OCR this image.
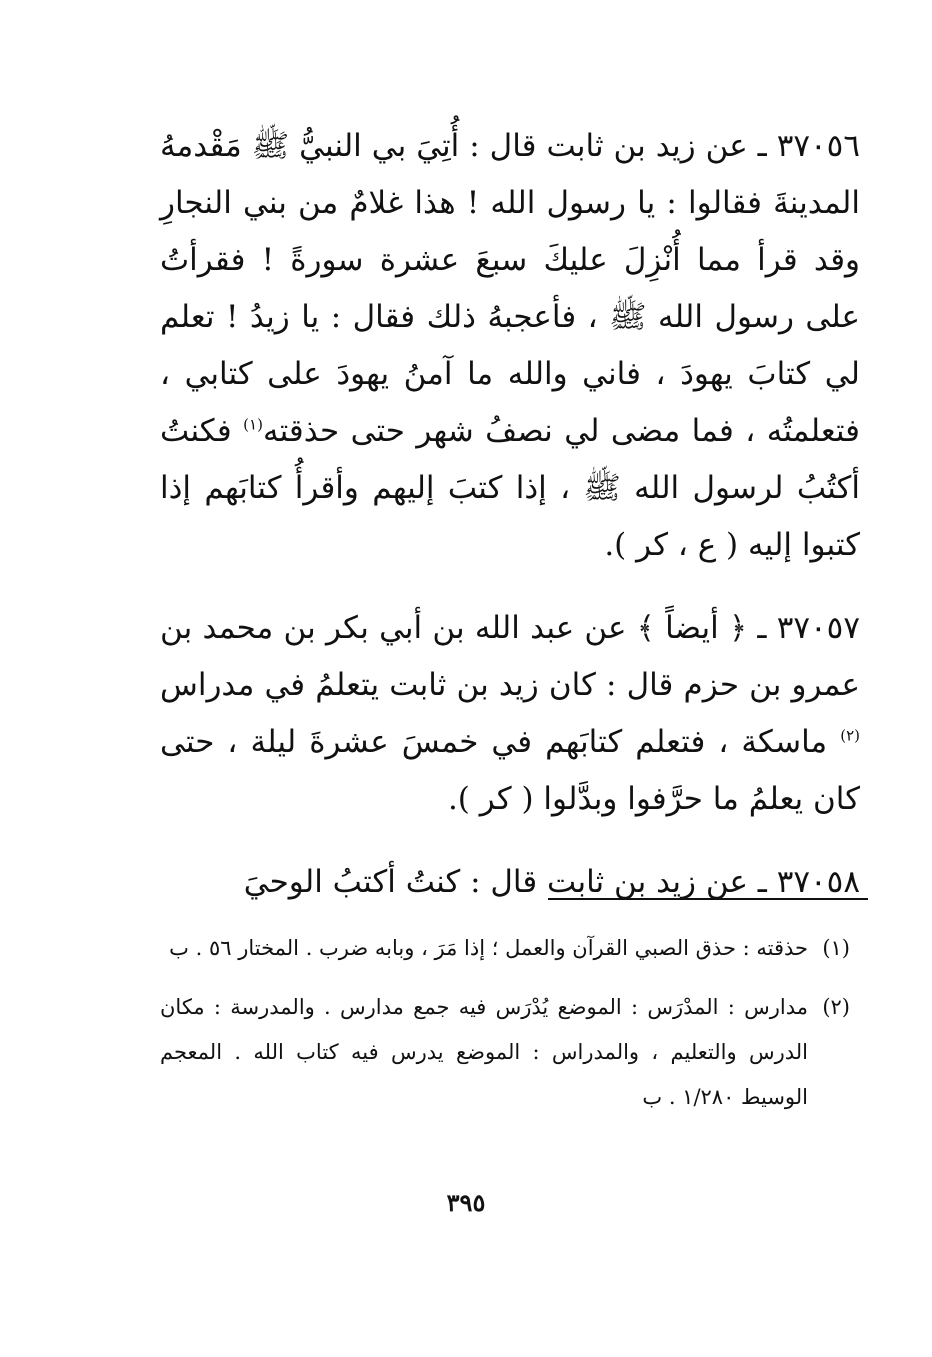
٣٧٠٥٦ ـ عن زيد بن ثابت قال : أُتِيَ بي النبيُّ ﷺ مَقْدمهُ المدينةَ فقالوا : يا رسول الله ! هذا غلامٌ من بني النجارِ وقد قرأ مما أُنْزِلَ عليكَ سبعَ عشرة سورةً ! فقرأتُ على رسول الله ﷺ ، فأعجبهُ ذلك فقال : يا زيدُ ! تعلم لي كتابَ يهودَ ، فاني والله ما آمنُ يهودَ على كتابي ، فتعلمتُه ، فما مضى لي نصفُ شهر حتى حذقته$^{(١)}$ فكنتُ أكتُبُ لرسول الله ﷺ ، إذا كتبَ إليهم وأقرأُ كتابَهم إذا كتبوا إليه ( ع ، كر ).

٣٧٠٥٧ ـ ﴿ أيضاً ﴾ عن عبد الله بن أبي بكر بن محمد بن عمرو بن حزم قال : كان زيد بن ثابت يتعلمُ في مدراس $^{(٢)}$ ماسكة ، فتعلم كتابَهم في خمسَ عشرةَ ليلة ، حتى كان يعلمُ ما حرَّفوا وبدَّلوا ( كر ).

٣٧٠٥٨ ـ عن زيد بن ثابت قال : كنتُ أكتبُ الوحيَ

(١)
حذقته : حذق الصبي القرآن والعمل ؛ إذا مَرَ ، وبابه ضرب . المختار ٥٦ . ب

(٢)
مدارس : المدْرَس : الموضع يُدْرَس فيه جمع مدارس . والمدرسة : مكان الدرس والتعليم ، والمدراس : الموضع يدرس فيه كتاب الله . المعجم الوسيط ١/٢٨٠ . ب

٣٩٥
